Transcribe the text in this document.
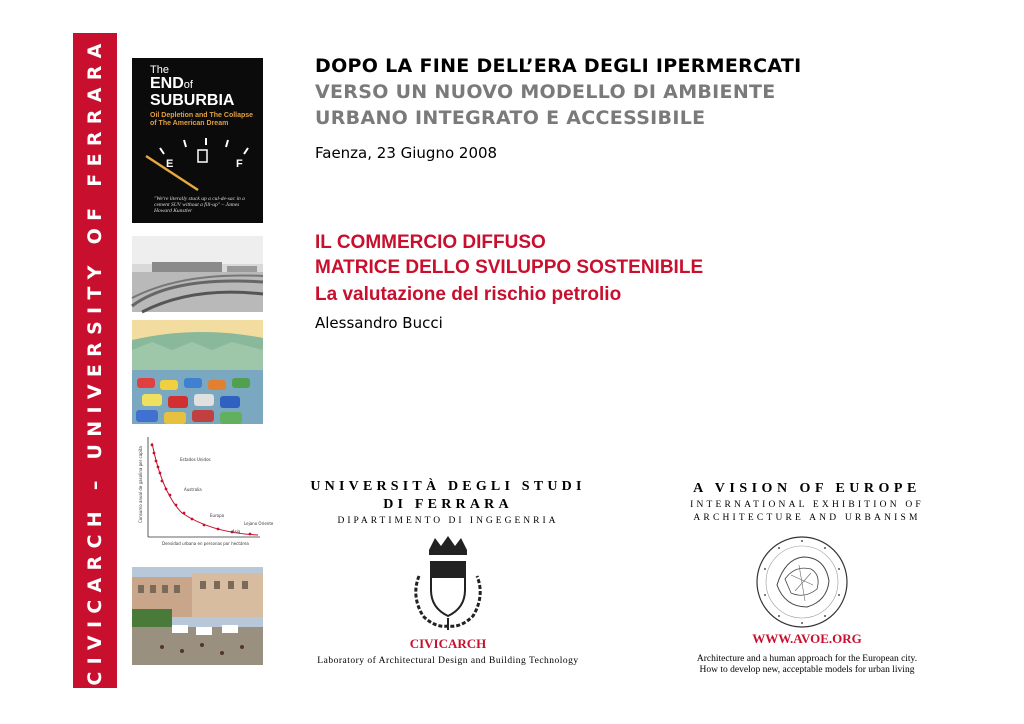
CIVICARCH – UNIVERSITY OF FERRARA	The
ENDof
SUBURBIA
Oil Depletion and The Collapse of The American Dream
E	F
"We're literally stuck up a cul-de-sac in a cement SUV without a fill-up" – James Howard Kunstler
Estados Unidos
Australia
Europa
Lejano Oriente
Asia
Densidad urbana en personas por hectárea
Consumo anual de gasolina per capita
DOPO LA FINE DELL’ERA DEGLI IPERMERCATI
VERSO UN NUOVO MODELLO DI AMBIENTE
URBANO INTEGRATO E ACCESSIBILE
Faenza, 23 Giugno 2008
IL COMMERCIO DIFFUSO
MATRICE DELLO SVILUPPO SOSTENIBILE
La valutazione del rischio petrolio
Alessandro Bucci
UNIVERSITÀ DEGLI STUDI
DI FERRARA
DIPARTIMENTO DI INGEGENRIA
CIVICARCH
Laboratory of Architectural Design and Building Technology
A VISION OF EUROPE
INTERNATIONAL EXHIBITION OF
ARCHITECTURE AND URBANISM
WWW.AVOE.ORG
Architecture and a human approach for the European city.
How to develop new, acceptable models for urban living
